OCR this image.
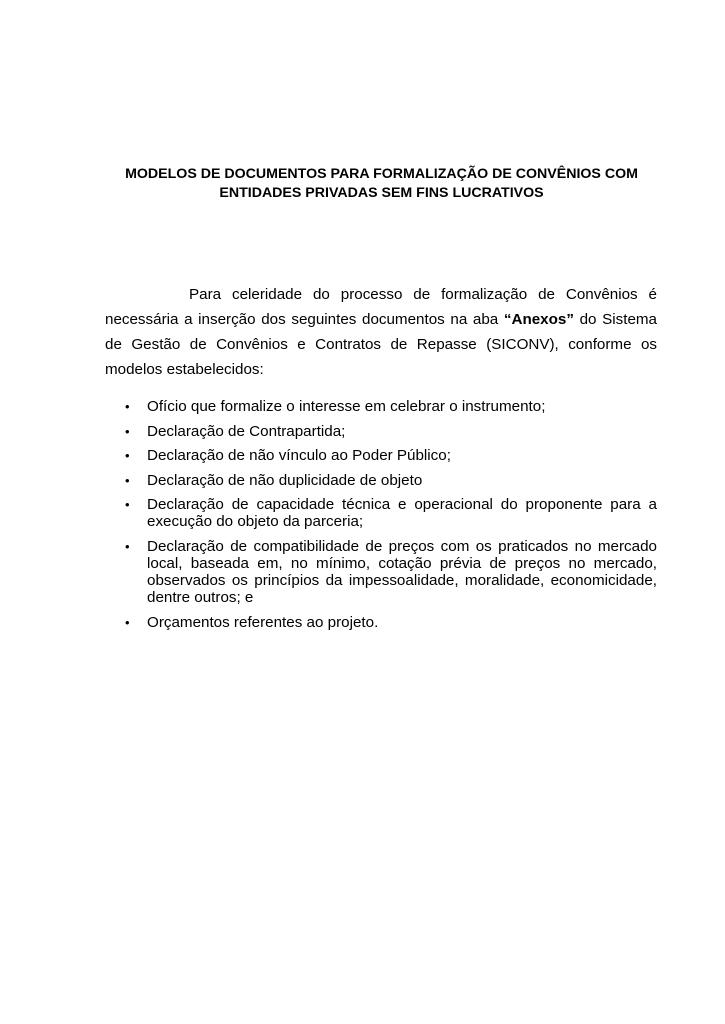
MODELOS DE DOCUMENTOS PARA FORMALIZAÇÃO DE CONVÊNIOS COM
ENTIDADES PRIVADAS SEM FINS LUCRATIVOS

Para celeridade do processo de formalização de Convênios é necessária a inserção dos seguintes documentos na aba “Anexos” do Sistema de Gestão de Convênios e Contratos de Repasse (SICONV), conforme os modelos estabelecidos:

• Ofício que formalize o interesse em celebrar o instrumento;
• Declaração de Contrapartida;
• Declaração de não vínculo ao Poder Público;
• Declaração de não duplicidade de objeto
• Declaração de capacidade técnica e operacional do proponente para a execução do objeto da parceria;
• Declaração de compatibilidade de preços com os praticados no mercado local, baseada em, no mínimo, cotação prévia de preços no mercado, observados os princípios da impessoalidade, moralidade, economicidade, dentre outros; e
• Orçamentos referentes ao projeto.
